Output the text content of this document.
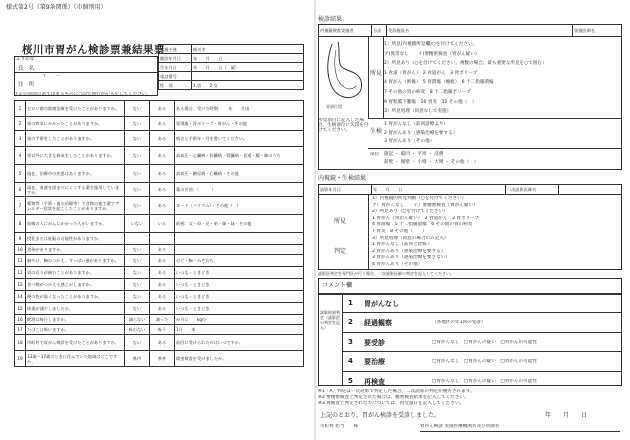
様式第2号（第9条関係）（市個別用）
桜川市胃がん検診票兼結果票
ふりがな
氏　名
住　所
〒　　－
実施主体	桜川市
健診年月日	年　　月　　日
生年月日	年　　月　　日（　歳）
電話番号	
性　別	1.男　　2.女
下記の質問にあてはまるものに○印で囲むか記入をしてください。
1	ピロリ菌の除菌治療を受けたことがありますか。	ない	ある	ある場合、受けた時期：　　年　　月頃
2	胃の病気にかかったことがありますか。	ない	ある	胃潰瘍・胃ポリープ・胃がん・その他
3	胃の手術をしたことがありますか。	ない	ある	病名と手術年・月を書いてください。
4	胃以外に大きな病気をしたことがありますか。	ない	ある	高血圧・心臓病・肝臓病・腎臓病・食道・腸・肺のうち
5	現在、治療中の疾患はありますか。	ない	ある	高血圧・糖尿病・心臓病・その他
6	現在、血液を固まりにくくする薬を服用していますか。	ない	ある	薬の名前：（　　　）
7	薬物等（手術・歯の治療等）で食物の他で薬でアレルギー症状を起こしたことがありますか。	ない	ある	ヨード（バリウム）・その他（　）
8	血縁の人にがんにかかった人がいますか。	いない	いる	続柄：父・母・兄・弟・姉・妹・その他
9	授乳または妊娠の可能性がありますか。			
10	食欲がありますか。	ない	ある	
11	胸やけ、胸のつかえ、すっぱい液がありますか。	ない	ある	のど・胸・みぞおち
12	胃の辺りが痛むことがありますか。	ない	ある	いつも・ときどき
13	食べ物がつかえる感じがしますか。	ない	ある	いつも・ときどき
14	便の色が黒くなったことがありますか。	ない	ある	いつも・ときどき
15	体重が減少しましたか。	ない	ある	いつも・ときどき
16	飲酒は毎日しますか。	減らない	減った	か月に　　kg位
17	たばこは吸いますか。	吸わない	吸う	1日　　本
18	市町村で胃がん検診を受けたことがありますか。	ない	ある	前回に受けられたのはいつですか。
19	13歳～17歳のときに住んでいた地域はどこですか。	県内	県外	精密検査を受けましたか。
検診結果
内視鏡検査実施者	方法	受診施設名	実施医師名
胃部位図
所見項目に記入した場合、生検部位に矢印を付けてください。
所見
1）所見(内視鏡所見欄)○を付けてください。
ア)異常なし　　イ)要精密検査（胃がん疑い）
2）所見あり（○を付けてください。複数の場合、最も重要な所見を○で囲む）
1 食道（胃がん）　2 食道がん　3 胃ポリープ
4 胃がん（術後）　5 胃潰瘍（瘢痕）　6 十二指腸潰瘍
7 その他の胃の病変　8 十二指腸ポリープ
9 胃粘膜下腫瘍　10 胃炎　11 その他（　）
3）所見処理（同意なしで実施）
生検
1 胃がんなし（前回診療より）
2 胃がんあり（感染治療を要する）
3 胃がんあり（その他）
隆起 ・ 陥凹 ・ 平坦 ・ 浸潤
前壁 ・ 後壁 ・ 小彎 ・ 大彎 ・ その他（　）
部位
内視鏡・生検結果
読影年月日	年　　月　　日	二次読影医師名	
所見
判定
1）内視鏡的所見判断（○を付けてください）
ア）胃がんなし　　イ）要精密検査（胃がん疑い）
2）所見あり（○を付けてください）
1 胃がん（胃がん疑い）　2 食道がん　3 胃ポリープ
4 胃潰瘍　5 十二指腸潰瘍　6 その他の胃の病変
7 胃炎　8 その他（　　）
3）所見処理（同意の場合のみ記入）
1 胃がんなし（前回と比較）
2 胃がんあり（感染治療を要する）
3 胃がんあり（感染治療を要さない）
4 胃がんあり（その他）
読影医判定を専門医が行う場合、二次読影医師の判定を記入してください。
コメント欄
読影結果判定（読影医の判定を記入）
1 胃がんなし
2 経過観察	（各地区の年1回の受診）
3 要受診	□胃がんなし　□胃がんの疑い　□胃がんの可能性
4 要治療	□胃がんなし　□胃がんの疑い　□胃がんの可能性
5 再検査	□胃がんなし　□胃がんの疑い　□胃がんの可能性
※1「A」判定は一次読影で判定した場合、二次読影の判定が優先されます。
※2 要精密検査と判定された場合は、精密検査結果を記入してください。
※3 再検査と判定された方については、再受診日を記入してください。
上記のとおり、胃がん検診を受診しました。	年　　月　　日
市町村 担当　　様	胃がん検診 実施医療機関名及び医師名
